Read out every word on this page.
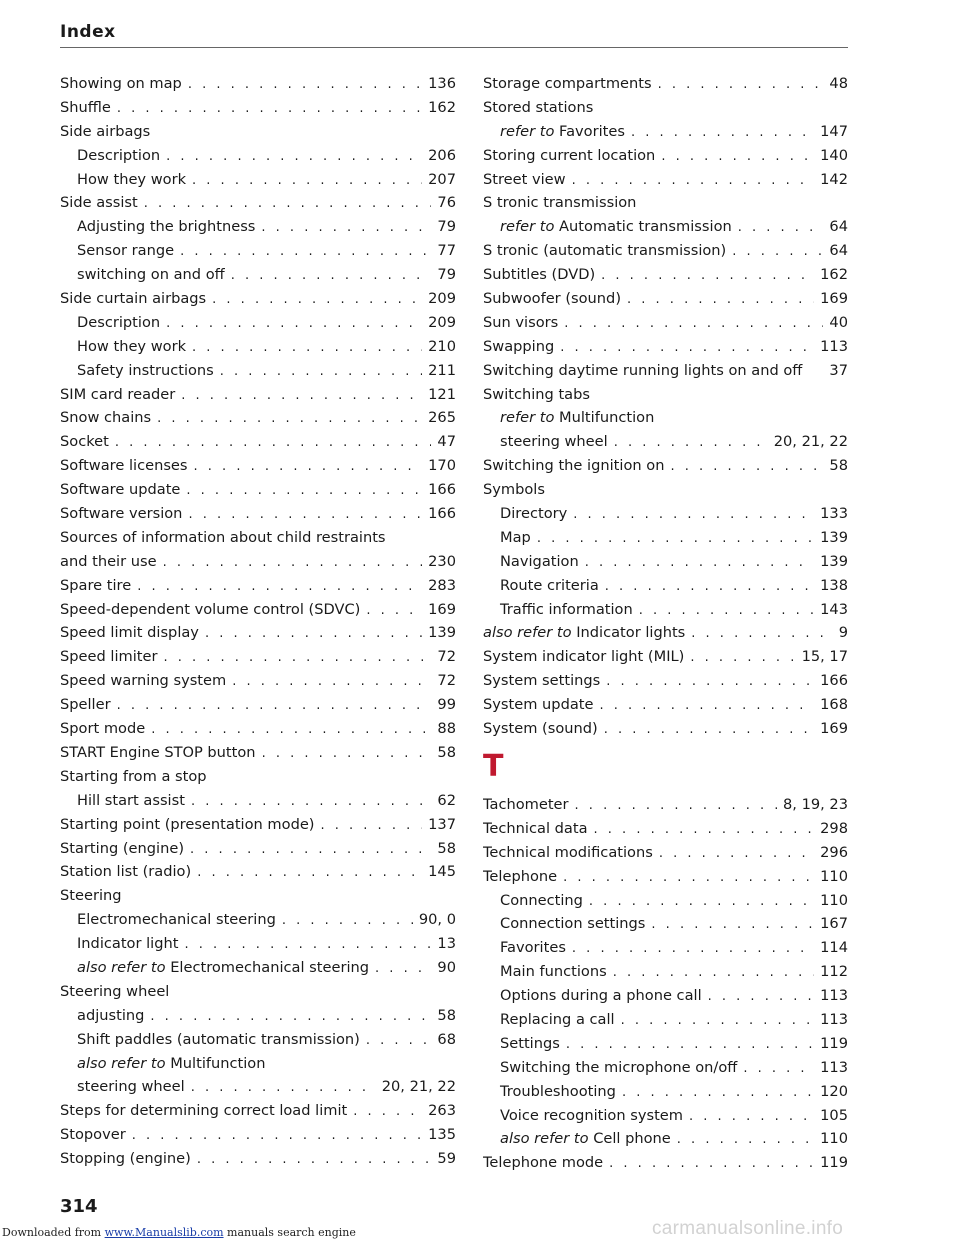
Index
Showing on map . . .	136
Shuffle . . .	162
Side airbags
Description . . .	206
How they work . . .	207
Side assist . . .	76
Adjusting the brightness . . .	79
Sensor range . . .	77
switching on and off . . .	79
Side curtain airbags . . .	209
Description . . .	209
How they work . . .	210
Safety instructions . . .	211
SIM card reader . . .	121
Snow chains . . .	265
Socket . . .	47
Software licenses . . .	170
Software update . . .	166
Software version . . .	166
Sources of information about child restraints
and their use . . .	230
Spare tire . . .	283
Speed-dependent volume control (SDVC) . . .	169
Speed limit display . . .	139
Speed limiter . . .	72
Speed warning system . . .	72
Speller . . .	99
Sport mode . . .	88
START Engine STOP button . . .	58
Starting from a stop
Hill start assist . . .	62
Starting point (presentation mode) . . .	137
Starting (engine) . . .	58
Station list (radio) . . .	145
Steering
Electromechanical steering . . .	90, 0
Indicator light . . .	13
also refer to Electromechanical steering . . .	90
Steering wheel
adjusting . . .	58
Shift paddles (automatic transmission) . . .	68
also refer to Multifunction
steering wheel . . .	20, 21, 22
Steps for determining correct load limit . . .	263
Stopover . . .	135
Stopping (engine) . . .	59
Storage compartments . . .	48
Stored stations
refer to Favorites . . .	147
Storing current location . . .	140
Street view . . .	142
S tronic transmission
refer to Automatic transmission . . .	64
S tronic (automatic transmission) . . .	64
Subtitles (DVD) . . .	162
Subwoofer (sound) . . .	169
Sun visors . . .	40
Swapping . . .	113
Switching daytime running lights on and off 37
Switching tabs
refer to Multifunction
steering wheel . . .	20, 21, 22
Switching the ignition on . . .	58
Symbols
Directory . . .	133
Map . . .	139
Navigation . . .	139
Route criteria . . .	138
Traffic information . . .	143
also refer to Indicator lights . . .	9
System indicator light (MIL) . . .	15, 17
System settings . . .	166
System update . . .	168
System (sound) . . .	169
T
Tachometer . . .	8, 19, 23
Technical data . . .	298
Technical modifications . . .	296
Telephone . . .	110
Connecting . . .	110
Connection settings . . .	167
Favorites . . .	114
Main functions . . .	112
Options during a phone call . . .	113
Replacing a call . . .	113
Settings . . .	119
Switching the microphone on/off . . .	113
Troubleshooting . . .	120
Voice recognition system . . .	105
also refer to Cell phone . . .	110
Telephone mode . . .	119
314
Downloaded from www.Manualslib.com manuals search engine	carmanualsonline.info
